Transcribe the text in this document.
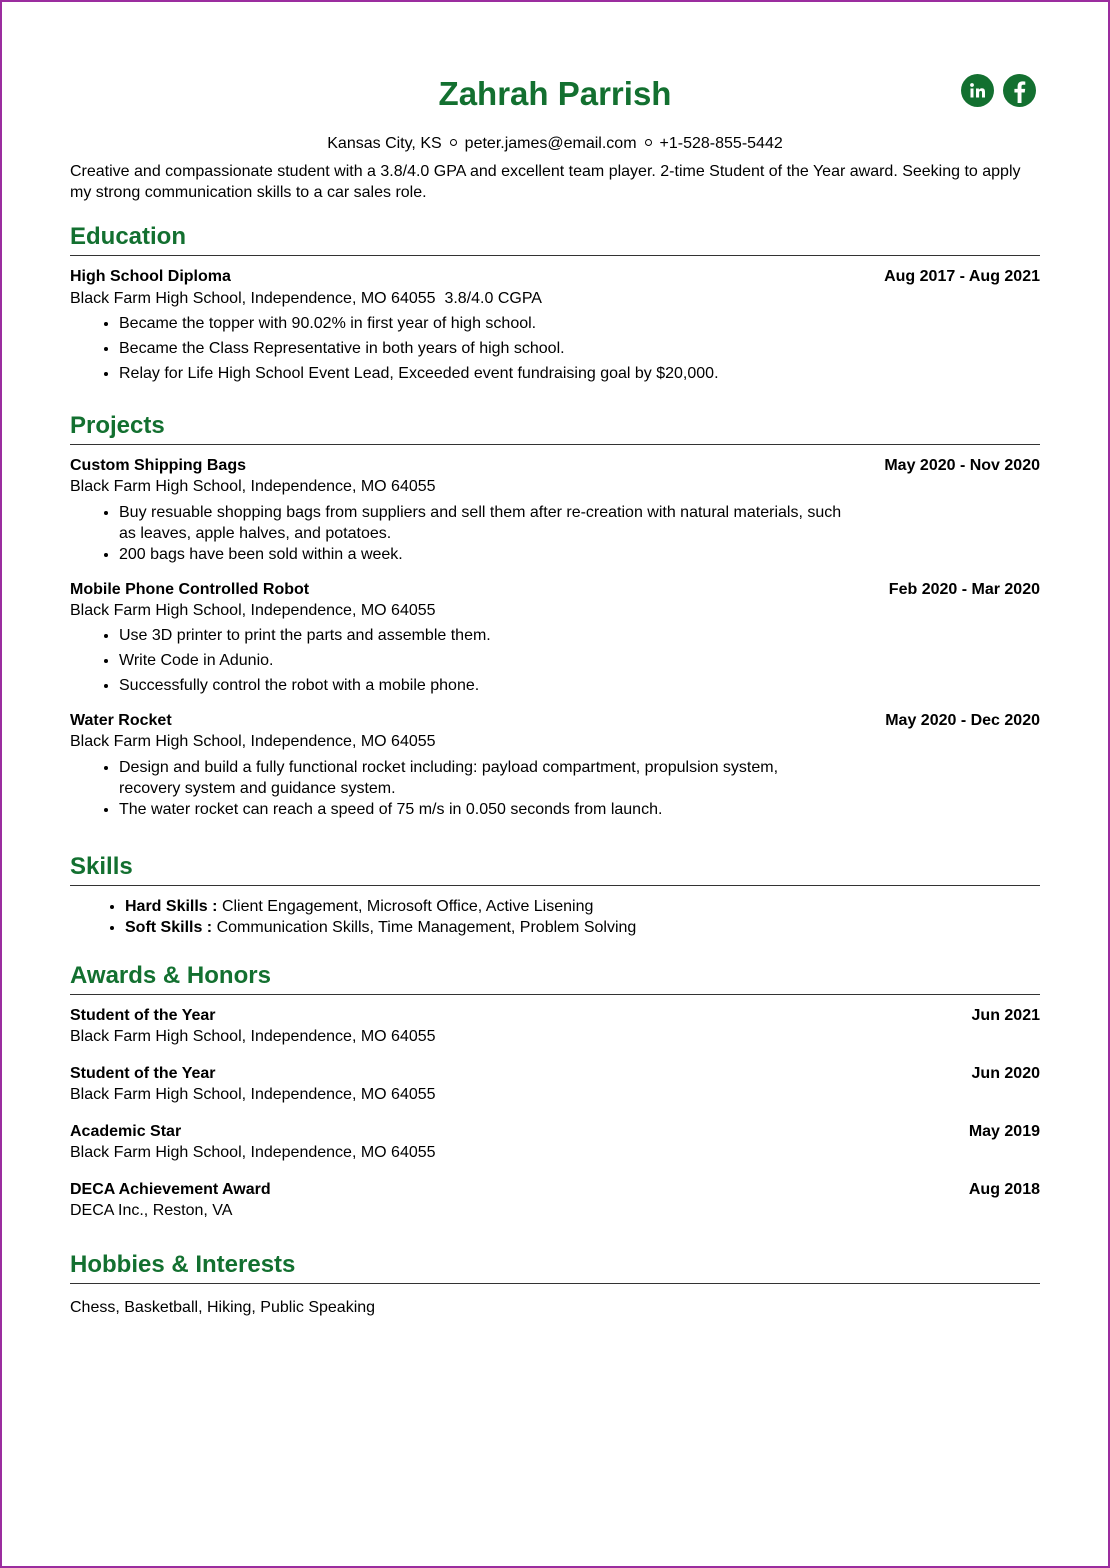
Zahrah Parrish
Kansas City, KS peter.james@email.com +1-528-855-5442
Creative and compassionate student with a 3.8/4.0 GPA and excellent team player. 2-time Student of the Year award. Seeking to apply my strong communication skills to a car sales role.
Education
High School Diploma	Aug 2017 - Aug 2021
Black Farm High School, Independence, MO 64055 3.8/4.0 CGPA
• Became the topper with 90.02% in first year of high school.
• Became the Class Representative in both years of high school.
• Relay for Life High School Event Lead, Exceeded event fundraising goal by $20,000.
Projects
Custom Shipping Bags	May 2020 - Nov 2020
Black Farm High School, Independence, MO 64055
• Buy resuable shopping bags from suppliers and sell them after re-creation with natural materials, such as leaves, apple halves, and potatoes.
• 200 bags have been sold within a week.
Mobile Phone Controlled Robot	Feb 2020 - Mar 2020
Black Farm High School, Independence, MO 64055
• Use 3D printer to print the parts and assemble them.
• Write Code in Adunio.
• Successfully control the robot with a mobile phone.
Water Rocket	May 2020 - Dec 2020
Black Farm High School, Independence, MO 64055
• Design and build a fully functional rocket including: payload compartment, propulsion system, recovery system and guidance system.
• The water rocket can reach a speed of 75 m/s in 0.050 seconds from launch.
Skills
• Hard Skills : Client Engagement, Microsoft Office, Active Lisening
• Soft Skills : Communication Skills, Time Management, Problem Solving
Awards & Honors
Student of the Year	Jun 2021
Black Farm High School, Independence, MO 64055
Student of the Year	Jun 2020
Black Farm High School, Independence, MO 64055
Academic Star	May 2019
Black Farm High School, Independence, MO 64055
DECA Achievement Award	Aug 2018
DECA Inc., Reston, VA
Hobbies & Interests
Chess, Basketball, Hiking, Public Speaking
